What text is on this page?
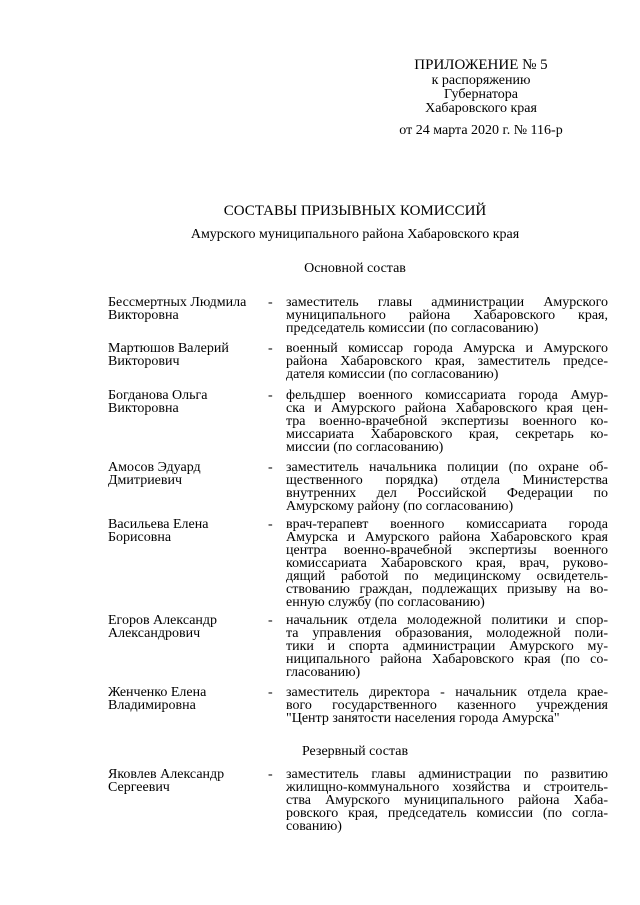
ПРИЛОЖЕНИЕ № 5
к распоряжению
Губернатора
Хабаровского края
от 24 марта 2020 г. № 116-р
СОСТАВЫ ПРИЗЫВНЫХ КОМИССИЙ
Амурского муниципального района Хабаровского края
Основной состав
Бессмертных Людмила
Викторовна
- заместитель главы администрации Амурского
муниципального района Хабаровского края,
председатель комиссии (по согласованию)
Мартюшов Валерий
Викторович
- военный комиссар города Амурска и Амурского
района Хабаровского края, заместитель предсе-
дателя комиссии (по согласованию)
Богданова Ольга
Викторовна
- фельдшер военного комиссариата города Амур-
ска и Амурского района Хабаровского края цен-
тра военно-врачебной экспертизы военного ко-
миссариата Хабаровского края, секретарь ко-
миссии (по согласованию)
Амосов Эдуард
Дмитриевич
- заместитель начальника полиции (по охране об-
щественного порядка) отдела Министерства
внутренних дел Российской Федерации по
Амурскому району (по согласованию)
Васильева Елена
Борисовна
- врач-терапевт военного комиссариата города
Амурска и Амурского района Хабаровского края
центра военно-врачебной экспертизы военного
комиссариата Хабаровского края, врач, руково-
дящий работой по медицинскому освидетель-
ствованию граждан, подлежащих призыву на во-
енную службу (по согласованию)
Егоров Александр
Александрович
- начальник отдела молодежной политики и спор-
та управления образования, молодежной поли-
тики и спорта администрации Амурского му-
ниципального района Хабаровского края (по со-
гласованию)
Женченко Елена
Владимировна
- заместитель директора - начальник отдела крае-
вого государственного казенного учреждения
"Центр занятости населения города Амурска"
Резервный состав
Яковлев Александр
Сергеевич
- заместитель главы администрации по развитию
жилищно-коммунального хозяйства и строитель-
ства Амурского муниципального района Хаба-
ровского края, председатель комиссии (по согла-
сованию)
